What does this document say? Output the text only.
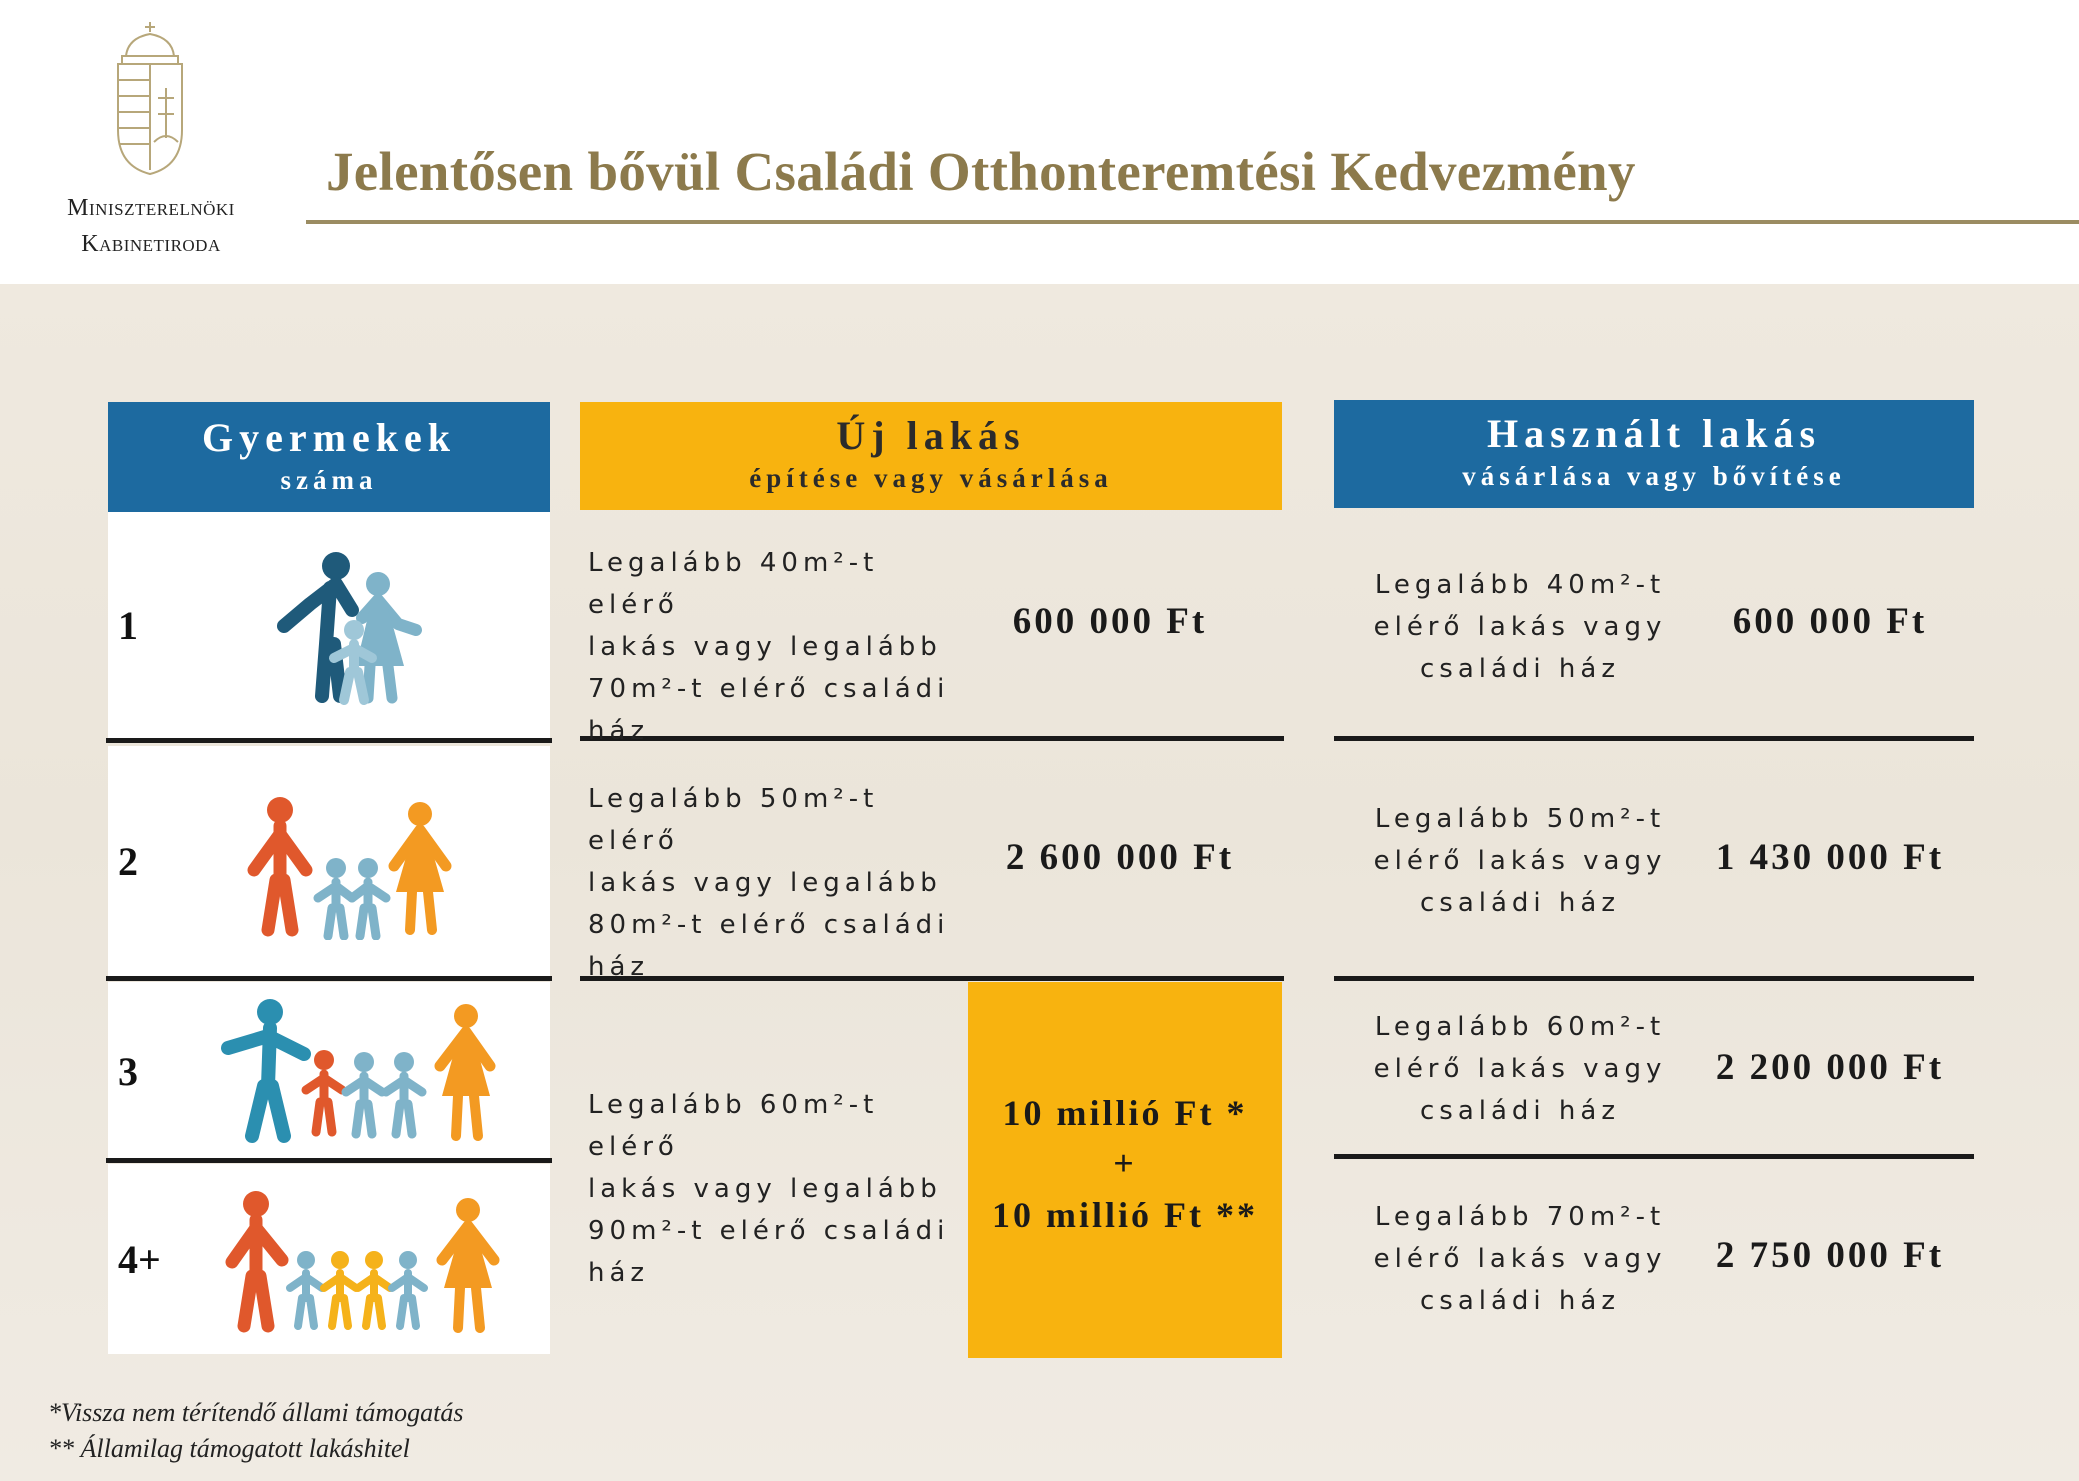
Miniszterelnöki
Kabinetiroda
Jelentősen bővül Családi Otthonteremtési Kedvezmény
Gyermekek
száma
Új lakás
építése vagy vásárlása
Használt lakás
vásárlása vagy bővítése
1
2
3
4+
Legalább 40m²-t elérő
lakás vagy legalább
70m²-t elérő családi
ház
600 000 Ft
Legalább 40m²-t
elérő lakás vagy
családi ház
600 000 Ft
Legalább 50m²-t elérő
lakás vagy legalább
80m²-t elérő családi
ház
2 600 000 Ft
Legalább 50m²-t
elérő lakás vagy
családi ház
1 430 000 Ft
Legalább 60m²-t elérő
lakás vagy legalább
90m²-t elérő családi
ház
10 millió Ft *
+
10 millió Ft **
Legalább 60m²-t
elérő lakás vagy
családi ház
2 200 000 Ft
Legalább 70m²-t
elérő lakás vagy
családi ház
2 750 000 Ft
*Vissza nem térítendő állami támogatás
** Államilag támogatott lakáshitel
